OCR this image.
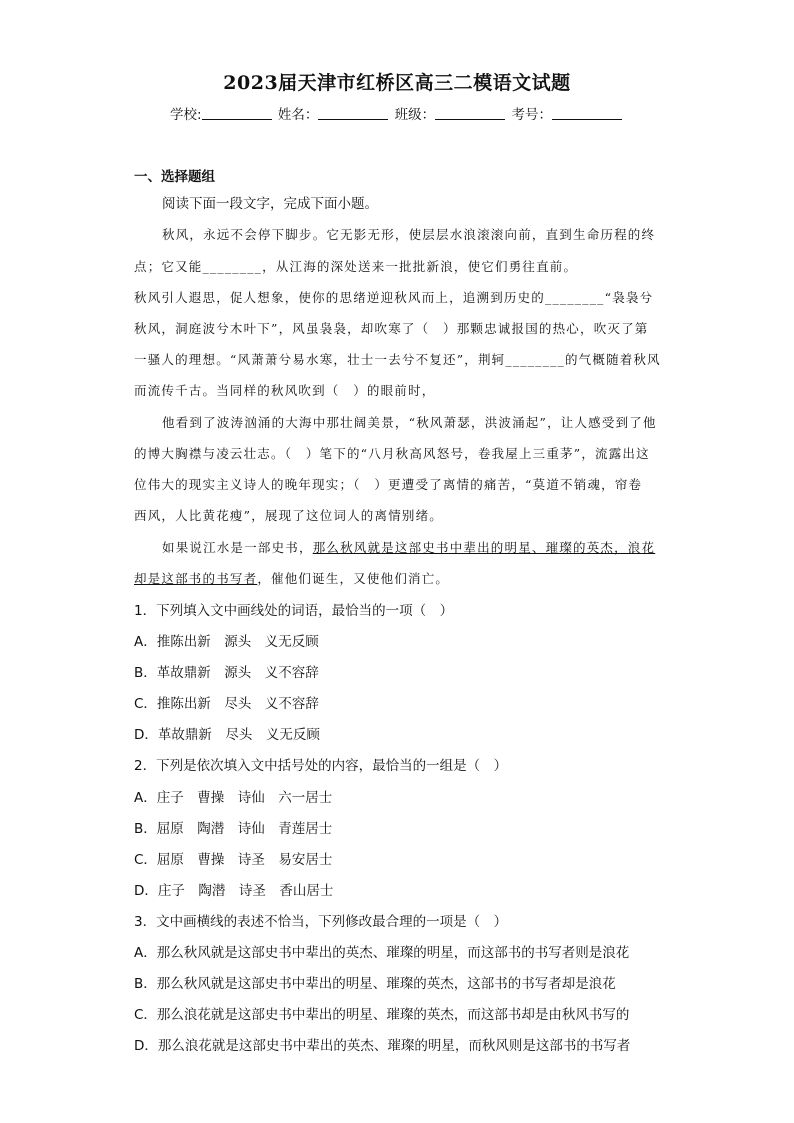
2023届天津市红桥区高三二模语文试题
学校:	姓名：	班级：	考号：
一、选择题组
阅读下面一段文字，完成下面小题。
秋风，永远不会停下脚步。它无影无形，使层层水浪滚滚向前，直到生命历程的终
点；它又能________，从江海的深处送来一批批新浪，使它们勇往直前。
秋风引人遐思，促人想象，使你的思绪逆迎秋风而上，追溯到历史的________“袅袅兮
秋风，洞庭波兮木叶下”，风虽袅袅，却吹寒了（　）那颗忠诚报国的热心，吹灭了第
一骚人的理想。“风萧萧兮易水寒，壮士一去兮不复还”，荆轲________的气概随着秋风
而流传千古。当同样的秋风吹到（　）的眼前时，
他看到了波涛汹涌的大海中那壮阔美景，“秋风萧瑟，洪波涌起”，让人感受到了他
的博大胸襟与凌云壮志。（　）笔下的“八月秋高风怒号，卷我屋上三重茅”，流露出这
位伟大的现实主义诗人的晚年现实；（　）更遭受了离情的痛苦，“莫道不销魂，帘卷
西风，人比黄花瘦”，展现了这位词人的离情别绪。
如果说江水是一部史书，那么秋风就是这部史书中辈出的明星、璀璨的英杰，浪花
却是这部书的书写者，催他们诞生，又使他们消亡。
1．下列填入文中画线处的词语，最恰当的一项（　）
A．推陈出新　源头　义无反顾
B．革故鼎新　源头　义不容辞
C．推陈出新　尽头　义不容辞
D．革故鼎新　尽头　义无反顾
2．下列是依次填入文中括号处的内容，最恰当的一组是（　）
A．庄子　曹操　诗仙　六一居士
B．屈原　陶潜　诗仙　青莲居士
C．屈原　曹操　诗圣　易安居士
D．庄子　陶潜　诗圣　香山居士
3．文中画横线的表述不恰当，下列修改最合理的一项是（　）
A．那么秋风就是这部史书中辈出的英杰、璀璨的明星，而这部书的书写者则是浪花
B．那么秋风就是这部史书中辈出的明星、璀璨的英杰，这部书的书写者却是浪花
C．那么浪花就是这部史书中辈出的明星、璀璨的英杰，而这部书却是由秋风书写的
D．那么浪花就是这部史书中辈出的英杰、璀璨的明星，而秋风则是这部书的书写者
